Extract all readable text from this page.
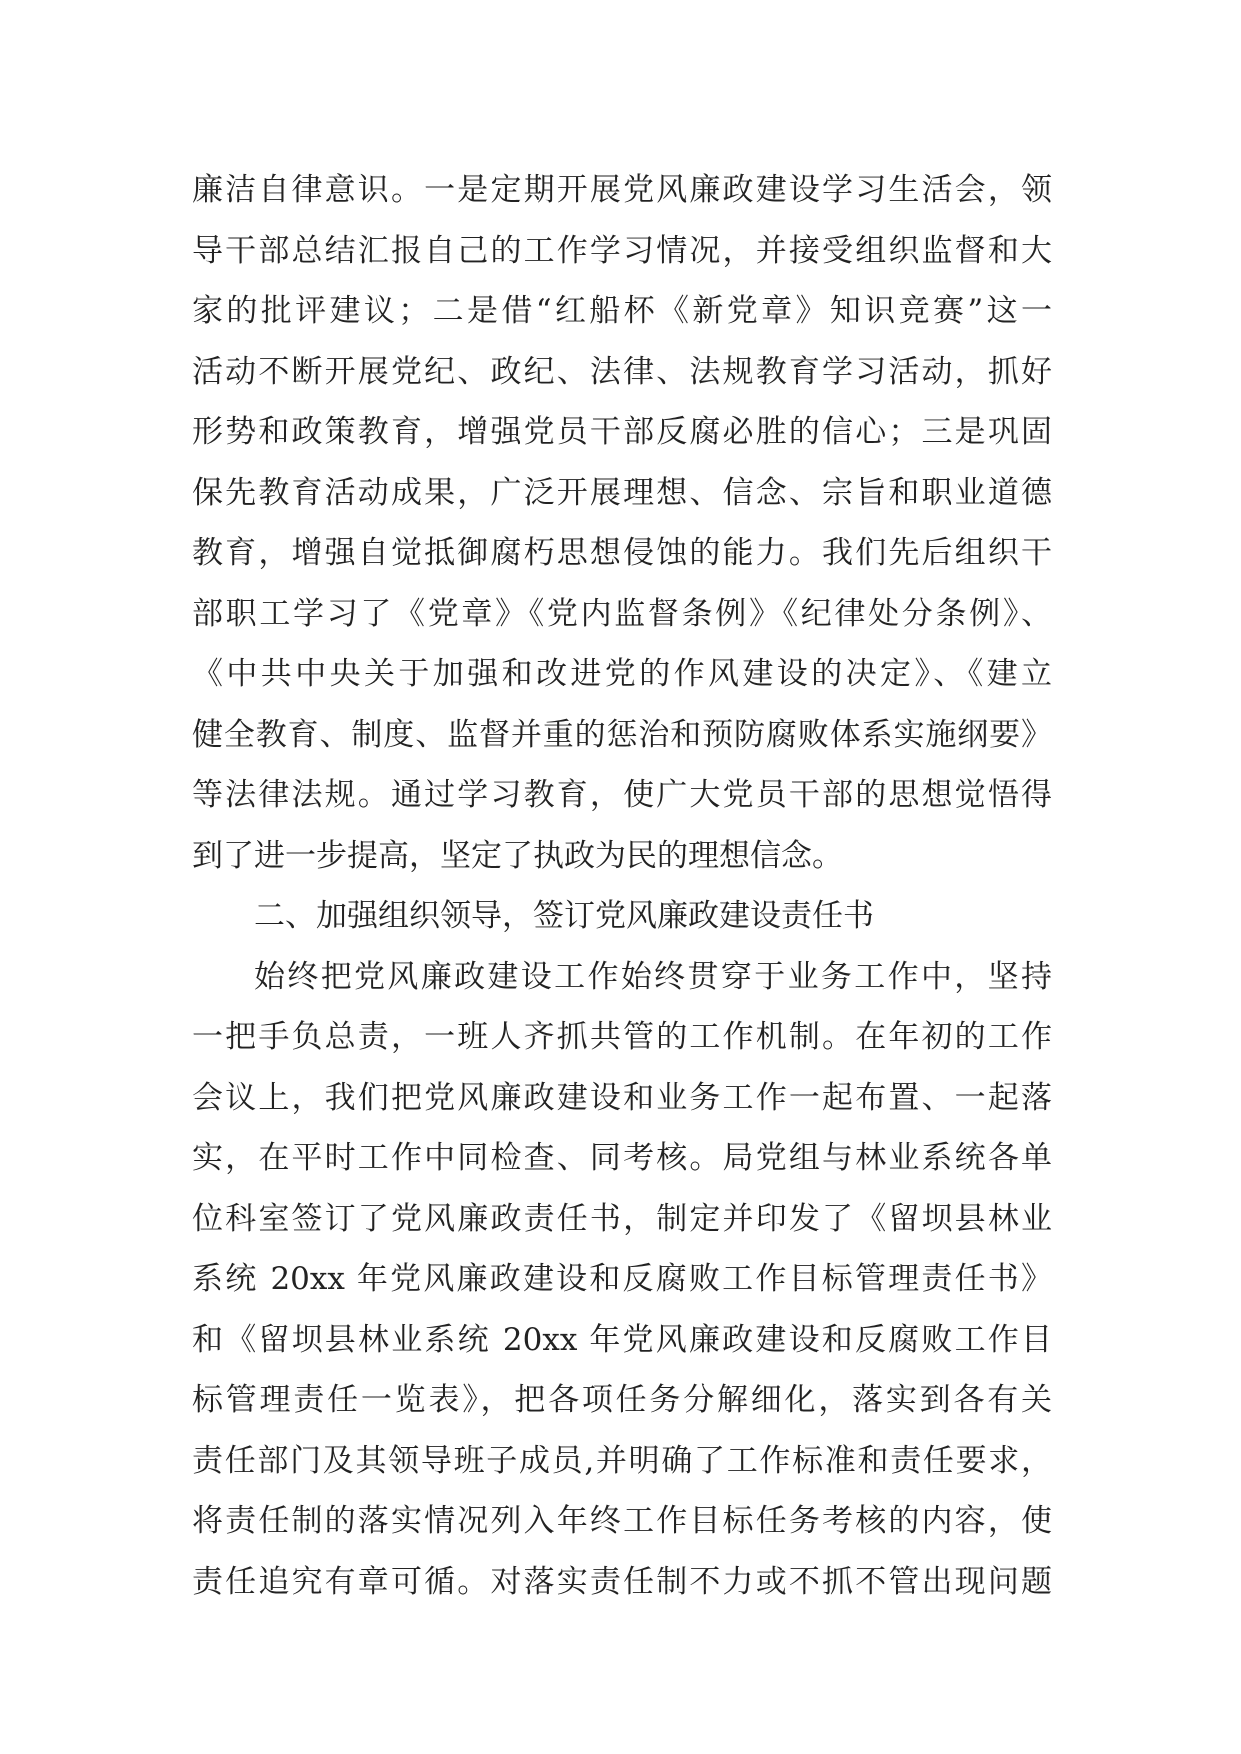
廉洁自律意识。一是定期开展党风廉政建设学习生活会，领
导干部总结汇报自己的工作学习情况，并接受组织监督和大
家的批评建议；二是借“红船杯《新党章》知识竞赛”这一
活动不断开展党纪、政纪、法律、法规教育学习活动，抓好
形势和政策教育，增强党员干部反腐必胜的信心；三是巩固
保先教育活动成果，广泛开展理想、信念、宗旨和职业道德
教育，增强自觉抵御腐朽思想侵蚀的能力。我们先后组织干
部职工学习了《党章》《党内监督条例》《纪律处分条例》、
《中共中央关于加强和改进党的作风建设的决定》、《建立
健全教育、制度、监督并重的惩治和预防腐败体系实施纲要》
等法律法规。通过学习教育，使广大党员干部的思想觉悟得
到了进一步提高，坚定了执政为民的理想信念。
二、加强组织领导，签订党风廉政建设责任书
始终把党风廉政建设工作始终贯穿于业务工作中，坚持
一把手负总责，一班人齐抓共管的工作机制。在年初的工作
会议上，我们把党风廉政建设和业务工作一起布置、一起落
实，在平时工作中同检查、同考核。局党组与林业系统各单
位科室签订了党风廉政责任书，制定并印发了《留坝县林业
系统 20xx 年党风廉政建设和反腐败工作目标管理责任书》
和《留坝县林业系统 20xx 年党风廉政建设和反腐败工作目
标管理责任一览表》，把各项任务分解细化，落实到各有关
责任部门及其领导班子成员,并明确了工作标准和责任要求，
将责任制的落实情况列入年终工作目标任务考核的内容，使
责任追究有章可循。对落实责任制不力或不抓不管出现问题
